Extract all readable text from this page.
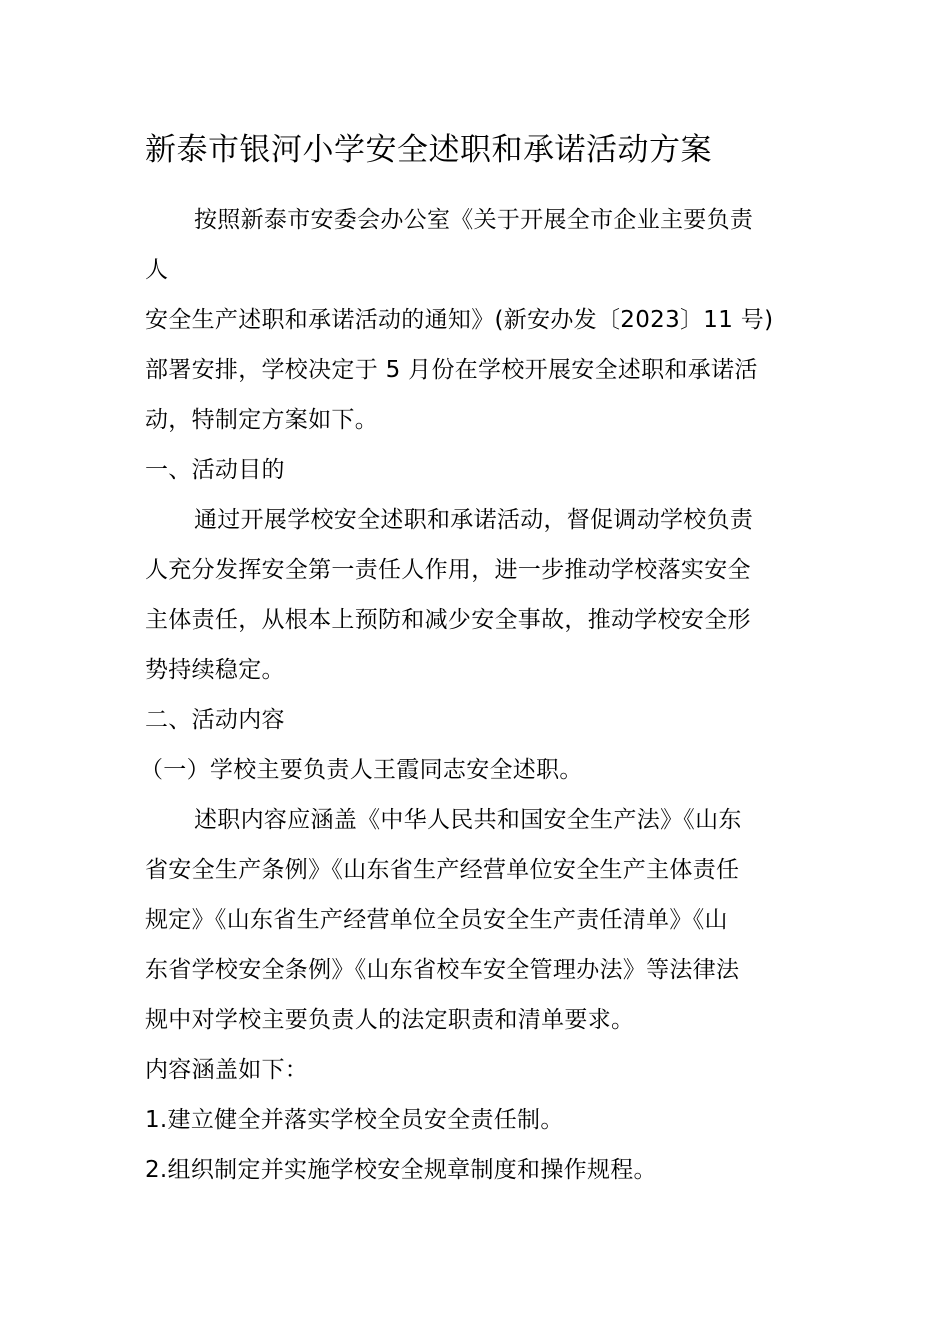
新泰市银河小学安全述职和承诺活动方案
按照新泰市安委会办公室《关于开展全市企业主要负责
人
安全生产述职和承诺活动的通知》(新安办发〔2023〕11 号)
部署安排，学校决定于 5 月份在学校开展安全述职和承诺活
动，特制定方案如下。
一、活动目的
通过开展学校安全述职和承诺活动，督促调动学校负责
人充分发挥安全第一责任人作用，进一步推动学校落实安全
主体责任，从根本上预防和减少安全事故，推动学校安全形
势持续稳定。
二、活动内容
（一）学校主要负责人王霞同志安全述职。
述职内容应涵盖《中华人民共和国安全生产法》《山东
省安全生产条例》《山东省生产经营单位安全生产主体责任
规定》《山东省生产经营单位全员安全生产责任清单》《山
东省学校安全条例》《山东省校车安全管理办法》等法律法
规中对学校主要负责人的法定职责和清单要求。
内容涵盖如下：
1.建立健全并落实学校全员安全责任制。
2.组织制定并实施学校安全规章制度和操作规程。
